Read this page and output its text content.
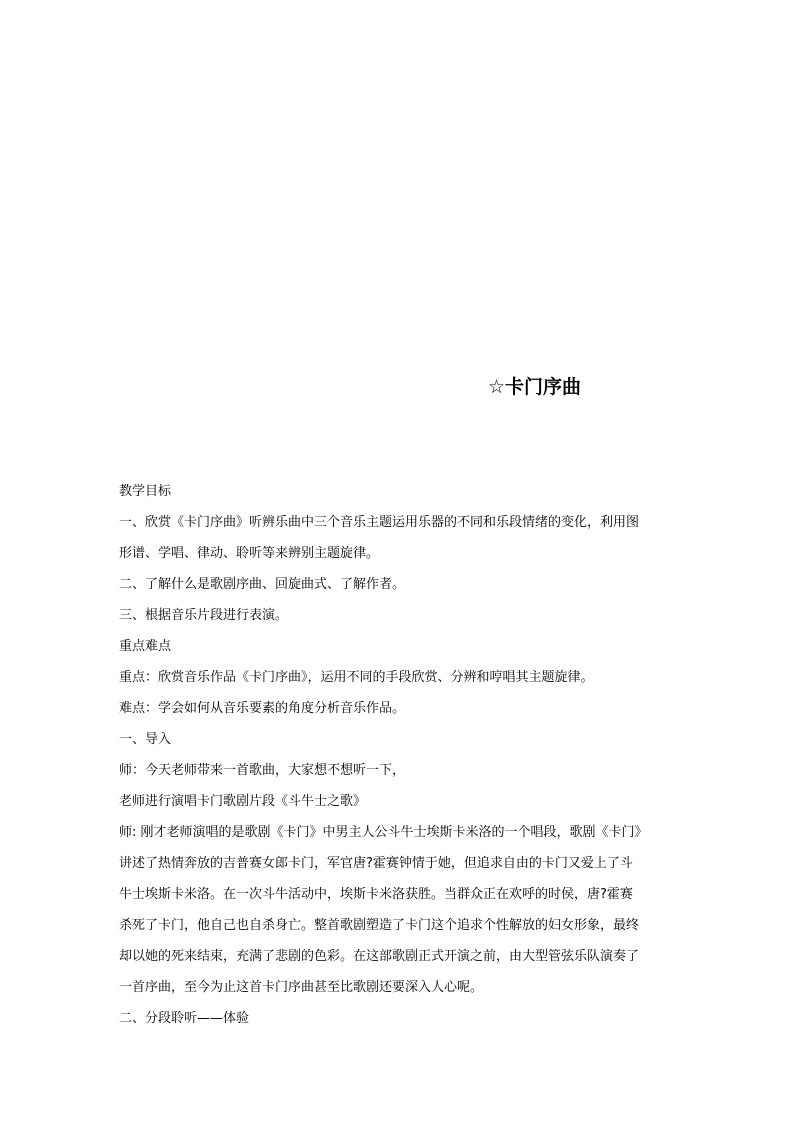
☆卡门序曲
教学目标
一、欣赏《卡门序曲》听辨乐曲中三个音乐主题运用乐器的不同和乐段情绪的变化，利用图
形谱、学唱、律动、聆听等来辨别主题旋律。
二、了解什么是歌剧序曲、回旋曲式、了解作者。
三、根据音乐片段进行表演。
重点难点
重点：欣赏音乐作品《卡门序曲》，运用不同的手段欣赏、分辨和哼唱其主题旋律。
难点：学会如何从音乐要素的角度分析音乐作品。
一、导入
师：今天老师带来一首歌曲，大家想不想听一下，
老师进行演唱卡门歌剧片段《斗牛士之歌》
师: 刚才老师演唱的是歌剧《卡门》中男主人公斗牛士埃斯卡米洛的一个唱段，歌剧《卡门》
讲述了热情奔放的吉普赛女郎卡门，军官唐?霍赛钟情于她，但追求自由的卡门又爱上了斗
牛士埃斯卡米洛。在一次斗牛活动中，埃斯卡米洛获胜。当群众正在欢呼的时侯，唐?霍赛
杀死了卡门，他自己也自杀身亡。整首歌剧塑造了卡门这个追求个性解放的妇女形象，最终
却以她的死来结束，充满了悲剧的色彩。在这部歌剧正式开演之前，由大型管弦乐队演奏了
一首序曲，至今为止这首卡门序曲甚至比歌剧还要深入人心呢。
二、分段聆听——体验
